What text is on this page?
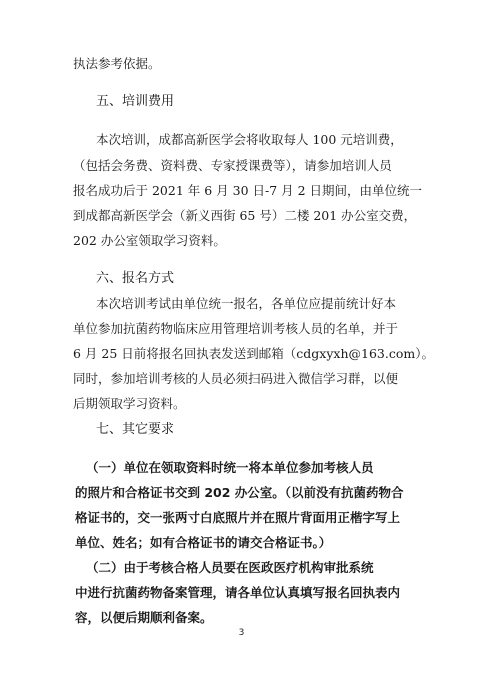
执法参考依据。
五、培训费用
本次培训，成都高新医学会将收取每人 100 元培训费，
（包括会务费、资料费、专家授课费等），请参加培训人员
报名成功后于 2021 年 6 月 30 日-7 月 2 日期间，由单位统一
到成都高新医学会（新义西街 65 号）二楼 201 办公室交费，
202 办公室领取学习资料。
六、报名方式
本次培训考试由单位统一报名，各单位应提前统计好本
单位参加抗菌药物临床应用管理培训考核人员的名单，并于
6 月 25 日前将报名回执表发送到邮箱（cdgxyxh@163.com）。
同时，参加培训考核的人员必须扫码进入微信学习群，以便
后期领取学习资料。
七、其它要求
（一）单位在领取资料时统一将本单位参加考核人员
的照片和合格证书交到 202 办公室。（以前没有抗菌药物合
格证书的，交一张两寸白底照片并在照片背面用正楷字写上
单位、姓名；如有合格证书的请交合格证书。）
（二）由于考核合格人员要在医政医疗机构审批系统
中进行抗菌药物备案管理，请各单位认真填写报名回执表内
容，以便后期顺利备案。
3
